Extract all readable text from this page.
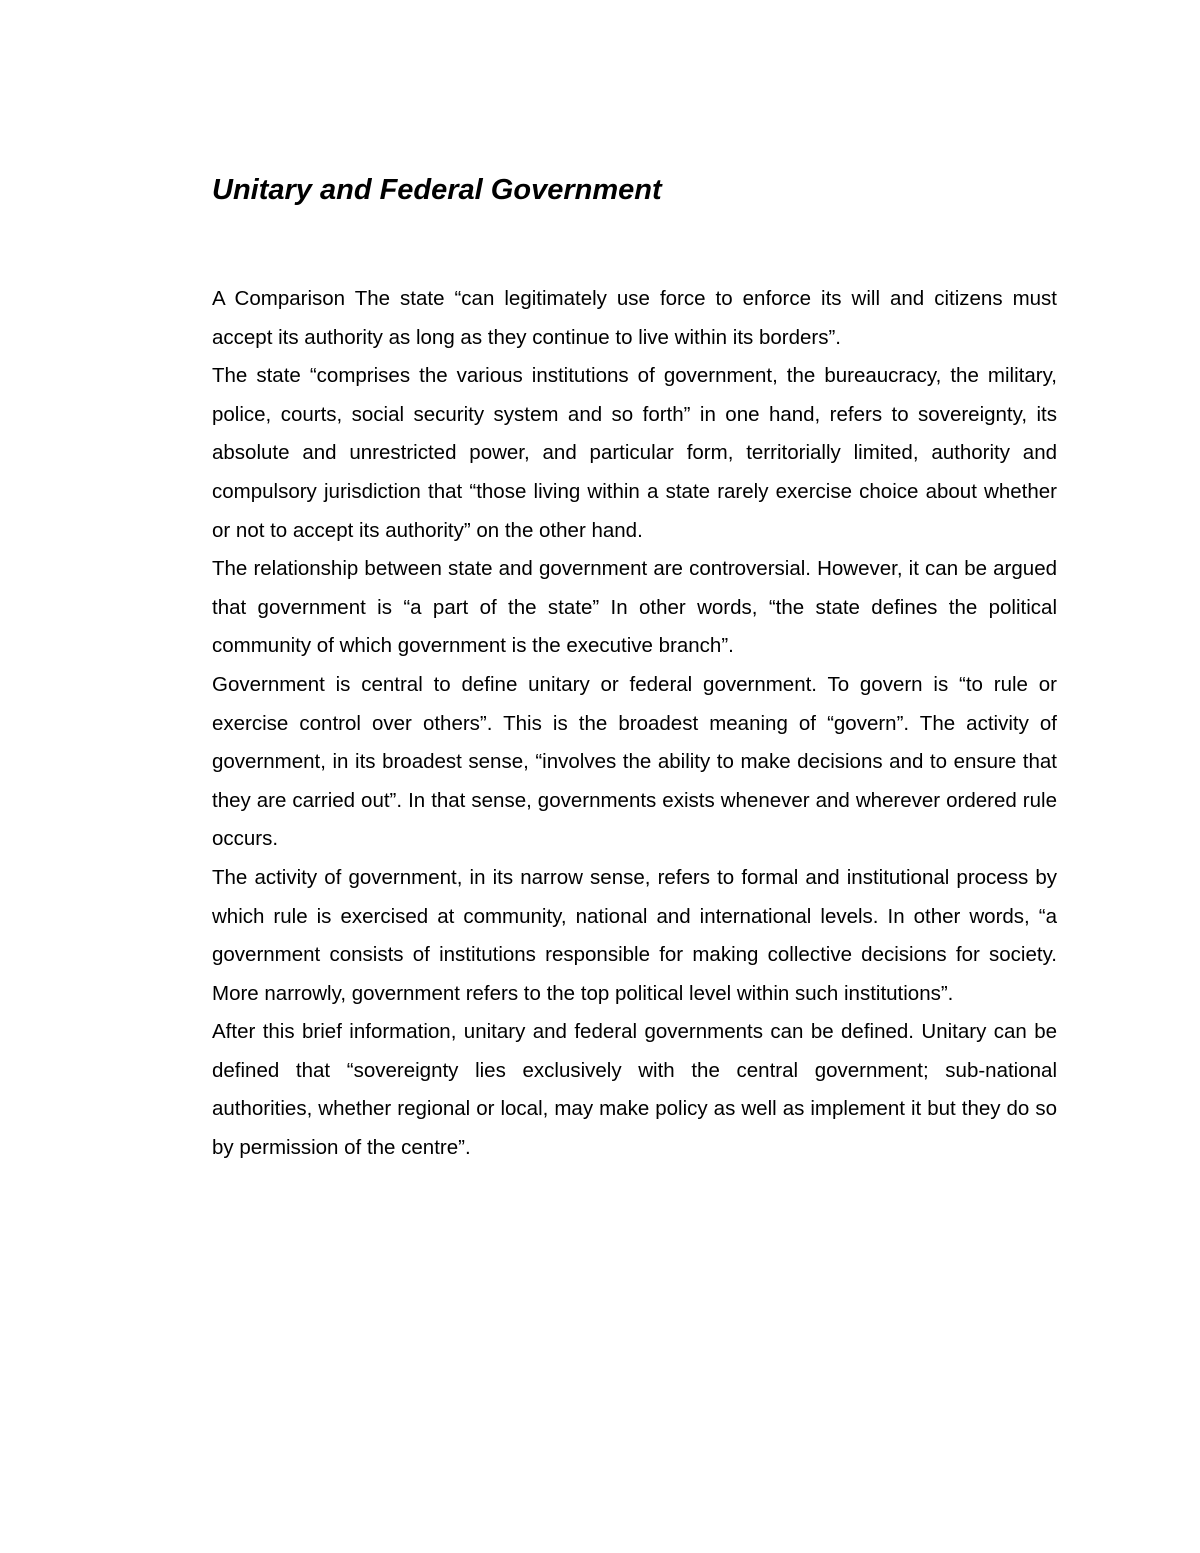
Unitary and Federal Government

A Comparison The state “can legitimately use force to enforce its will and citizens must accept its authority as long as they continue to live within its borders”.

The state “comprises the various institutions of government, the bureaucracy, the military, police, courts, social security system and so forth” in one hand, refers to sovereignty, its absolute and unrestricted power, and particular form, territorially limited, authority and compulsory jurisdiction that “those living within a state rarely exercise choice about whether or not to accept its authority” on the other hand.

The relationship between state and government are controversial. However, it can be argued that government is “a part of the state” In other words, “the state defines the political community of which government is the executive branch”.

Government is central to define unitary or federal government. To govern is “to rule or exercise control over others”. This is the broadest meaning of “govern”. The activity of government, in its broadest sense, “involves the ability to make decisions and to ensure that they are carried out”. In that sense, governments exists whenever and wherever ordered rule occurs.

The activity of government, in its narrow sense, refers to formal and institutional process by which rule is exercised at community, national and international levels. In other words, “a government consists of institutions responsible for making collective decisions for society. More narrowly, government refers to the top political level within such institutions”.

After this brief information, unitary and federal governments can be defined. Unitary can be defined that “sovereignty lies exclusively with the central government; sub-national authorities, whether regional or local, may make policy as well as implement it but they do so by permission of the centre”.
